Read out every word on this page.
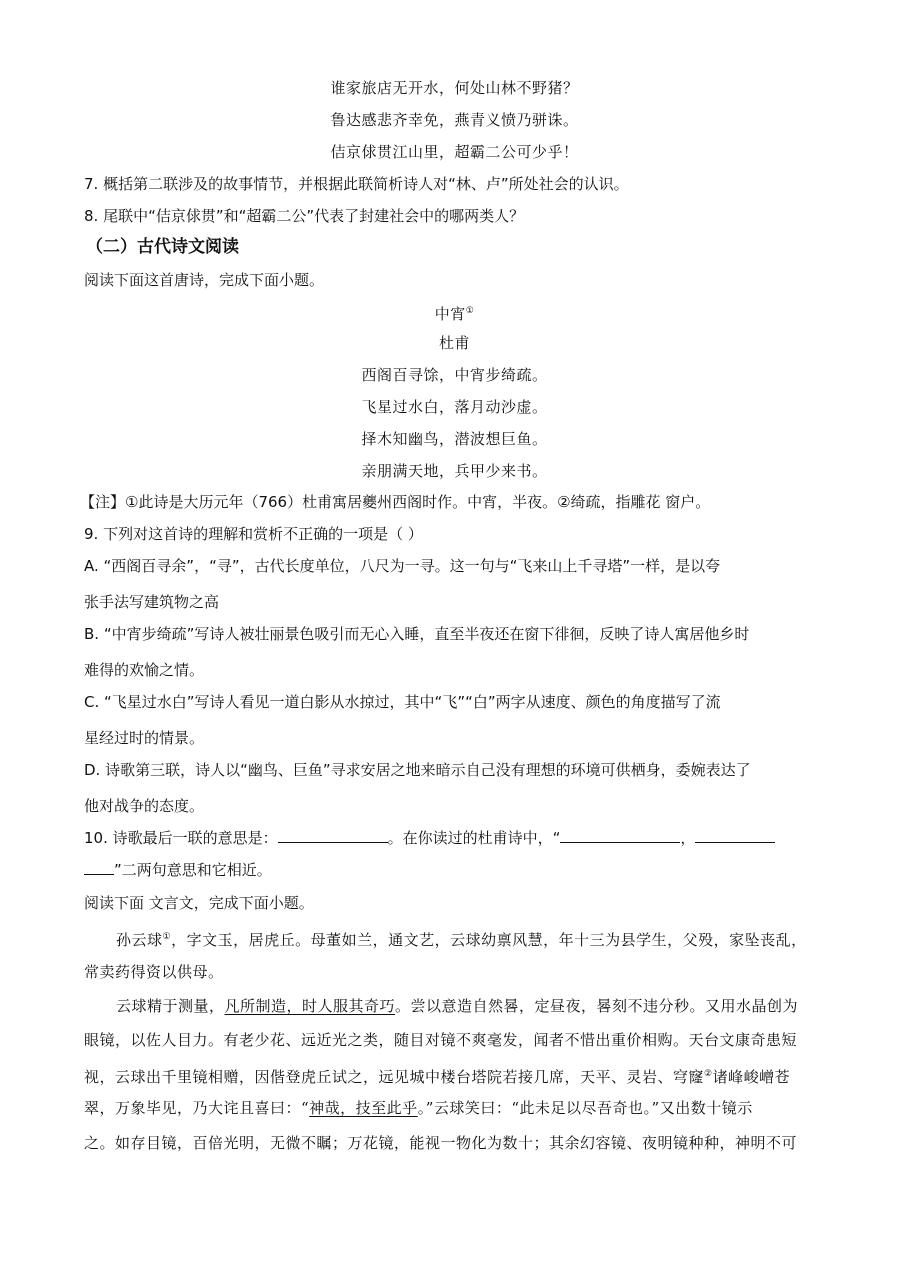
谁家旅店无开水，何处山林不野猪？
鲁达感悲齐幸免，燕青义愤乃骈诛。
佶京俅贯江山里，超霸二公可少乎！
7. 概括第二联涉及的故事情节，并根据此联简析诗人对“林、卢”所处社会的认识。
8. 尾联中“佶京俅贯”和“超霸二公”代表了封建社会中的哪两类人？
（二）古代诗文阅读
阅读下面这首唐诗，完成下面小题。
中宵①
杜甫
西阁百寻馀，中宵步绮疏。
飞星过水白，落月动沙虚。
择木知幽鸟，潜波想巨鱼。
亲朋满天地，兵甲少来书。
【注】①此诗是大历元年（766）杜甫寓居夔州西阁时作。中宵，半夜。②绮疏，指雕花 窗户。
9. 下列对这首诗的理解和赏析不正确的一项是（ ）
A. “西阁百寻余”，“寻”，古代长度单位，八尺为一寻。这一句与“飞来山上千寻塔”一样，是以夸
张手法写建筑物之高
B. “中宵步绮疏”写诗人被壮丽景色吸引而无心入睡，直至半夜还在窗下徘徊，反映了诗人寓居他乡时
难得的欢愉之情。
C. “飞星过水白”写诗人看见一道白影从水掠过，其中“飞”“白”两字从速度、颜色的角度描写了流
星经过时的情景。
D. 诗歌第三联，诗人以“幽鸟、巨鱼”寻求安居之地来暗示自己没有理想的环境可供栖身，委婉表达了
他对战争的态度。
10. 诗歌最后一联的意思是：	。在你读过的杜甫诗中，“	，
”二两句意思和它相近。
阅读下面 文言文，完成下面小题。
孙云球①，字文玉，居虎丘。母董如兰，通文艺，云球幼禀风慧，年十三为县学生，父殁，家坠丧乱，
常卖药得资以供母。
云球精于测量，凡所制造，时人服其奇巧。尝以意造自然晷，定昼夜，晷刻不违分秒。又用水晶创为
眼镜，以佐人目力。有老少花、远近光之类，随目对镜不爽毫发，闻者不惜出重价相购。天台文康奇患短
视，云球出千里镜相赠，因偕登虎丘试之，远见城中楼台塔院若接几席，天平、灵岩、穹窿②诸峰峻嶒苍
翠，万象毕见，乃大诧且喜曰：“神哉，技至此乎。”云球笑曰：“此未足以尽吾奇也。”又出数十镜示
之。如存目镜，百倍光明，无微不瞩；万花镜，能视一物化为数十；其余幻容镜、夜明镜种种，神明不可
